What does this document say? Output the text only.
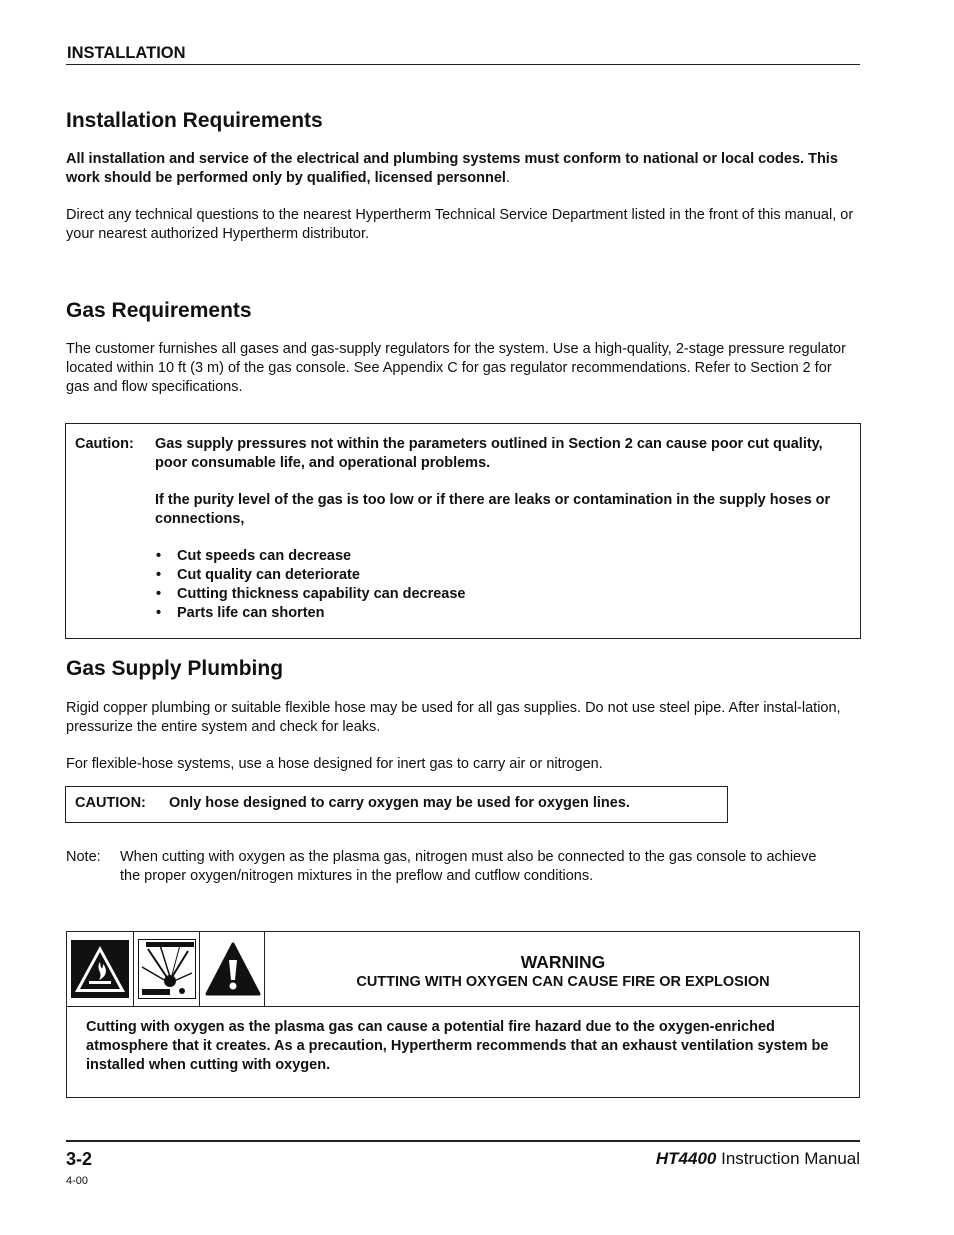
INSTALLATION
Installation Requirements

All installation and service of the electrical and plumbing systems must conform to national or local codes. This work should be performed only by qualified, licensed personnel.

Direct any technical questions to the nearest Hypertherm Technical Service Department listed in the front of this manual, or your nearest authorized Hypertherm distributor.

Gas Requirements

The customer furnishes all gases and gas-supply regulators for the system. Use a high-quality, 2-stage pressure regulator located within 10 ft (3 m) of the gas console. See Appendix C for gas regulator recommendations. Refer to Section 2 for gas and flow specifications.

Caution: Gas supply pressures not within the parameters outlined in Section 2 can cause poor cut quality, poor consumable life, and operational problems.
If the purity level of the gas is too low or if there are leaks or contamination in the supply hoses or connections,
• Cut speeds can decrease
• Cut quality can deteriorate
• Cutting thickness capability can decrease
• Parts life can shorten
Gas Supply Plumbing

Rigid copper plumbing or suitable flexible hose may be used for all gas supplies. Do not use steel pipe. After instal-lation, pressurize the entire system and check for leaks.

For flexible-hose systems, use a hose designed for inert gas to carry air or nitrogen.

CAUTION: Only hose designed to carry oxygen may be used for oxygen lines.
Note: When cutting with oxygen as the plasma gas, nitrogen must also be connected to the gas console to achieve the proper oxygen/nitrogen mixtures in the preflow and cutflow conditions.
WARNING
CUTTING WITH OXYGEN CAN CAUSE FIRE OR EXPLOSION
Cutting with oxygen as the plasma gas can cause a potential fire hazard due to the oxygen-enriched atmosphere that it creates. As a precaution, Hypertherm recommends that an exhaust ventilation system be installed when cutting with oxygen.
3-2	HT4400 Instruction Manual
4-00
